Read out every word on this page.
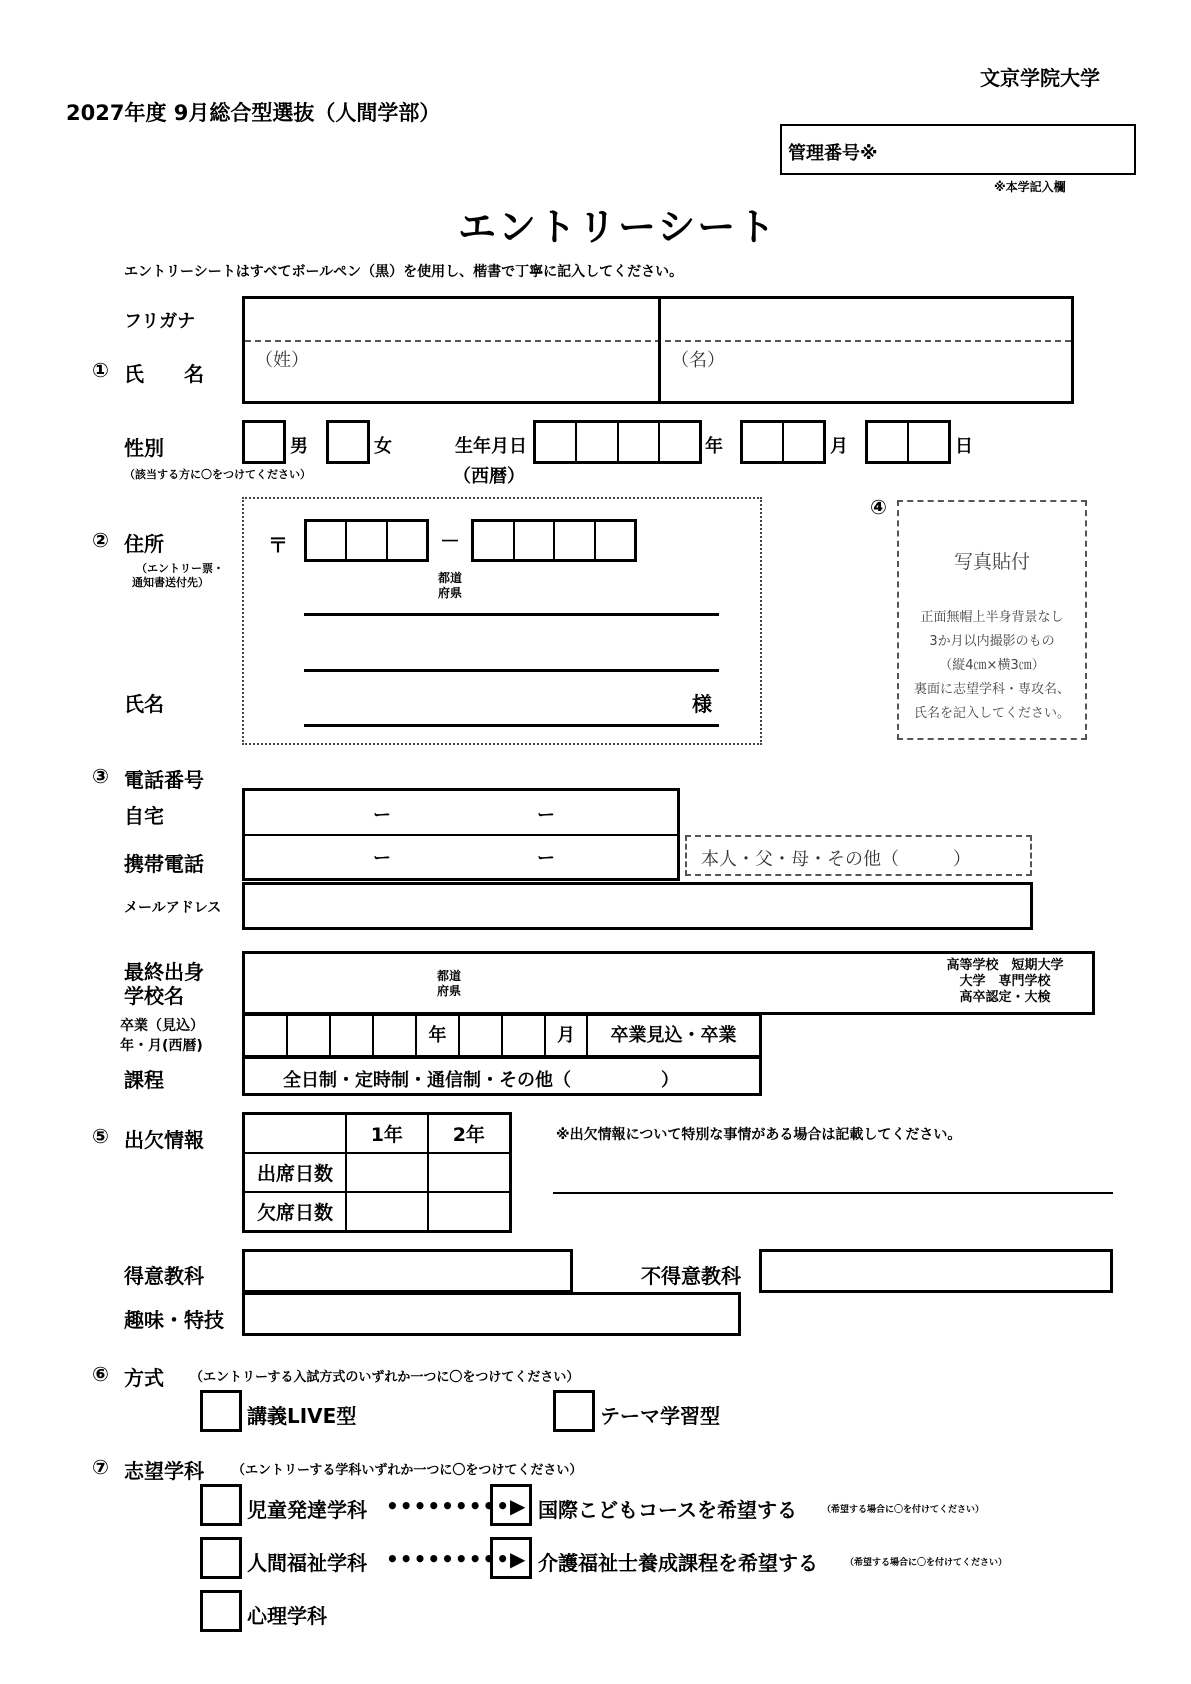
文京学院大学
2027年度 9月総合型選抜（人間学部）
管理番号※
※本学記入欄
エントリーシート
エントリーシートはすべてボールペン（黒）を使用し、楷書で丁寧に記入してください。
フリガナ
① 氏　　名
（姓）	（名）
性別
（該当する方に〇をつけてください）
男	女	生年月日
（西暦）
年	月	日
② 住所
（エントリー票・
通知書送付先）
氏名
〒	－
都道
府県
様
④
写真貼付
正面無帽上半身背景なし
3か月以内撮影のもの
（縦4㎝×横3㎝）
裏面に志望学科・専攻名、
氏名を記入してください。
③ 電話番号
自宅
携帯電話
ー	ー
ー	ー	本人・父・母・その他（　　　）
メールアドレス
最終出身
学校名
都道
府県
高等学校　短期大学
大学　専門学校
高卒認定・大検
卒業（見込）
年・月(西暦)	年	月	卒業見込・卒業
課程	全日制・定時制・通信制・その他（　　　　　）
⑤ 出欠情報
		1年	2年
出席日数		
欠席日数		
※出欠情報について特別な事情がある場合は記載してください。
得意教科	不得意教科
趣味・特技
⑥ 方式 （エントリーする入試方式のいずれか一つに〇をつけてください）
講義LIVE型	テーマ学習型
⑦ 志望学科 （エントリーする学科いずれか一つに〇をつけてください）
児童発達学科 •••••••••▶ 国際こどもコースを希望する	（希望する場合に〇を付けてください）
人間福祉学科 •••••••••▶ 介護福祉士養成課程を希望する	（希望する場合に〇を付けてください）
心理学科
